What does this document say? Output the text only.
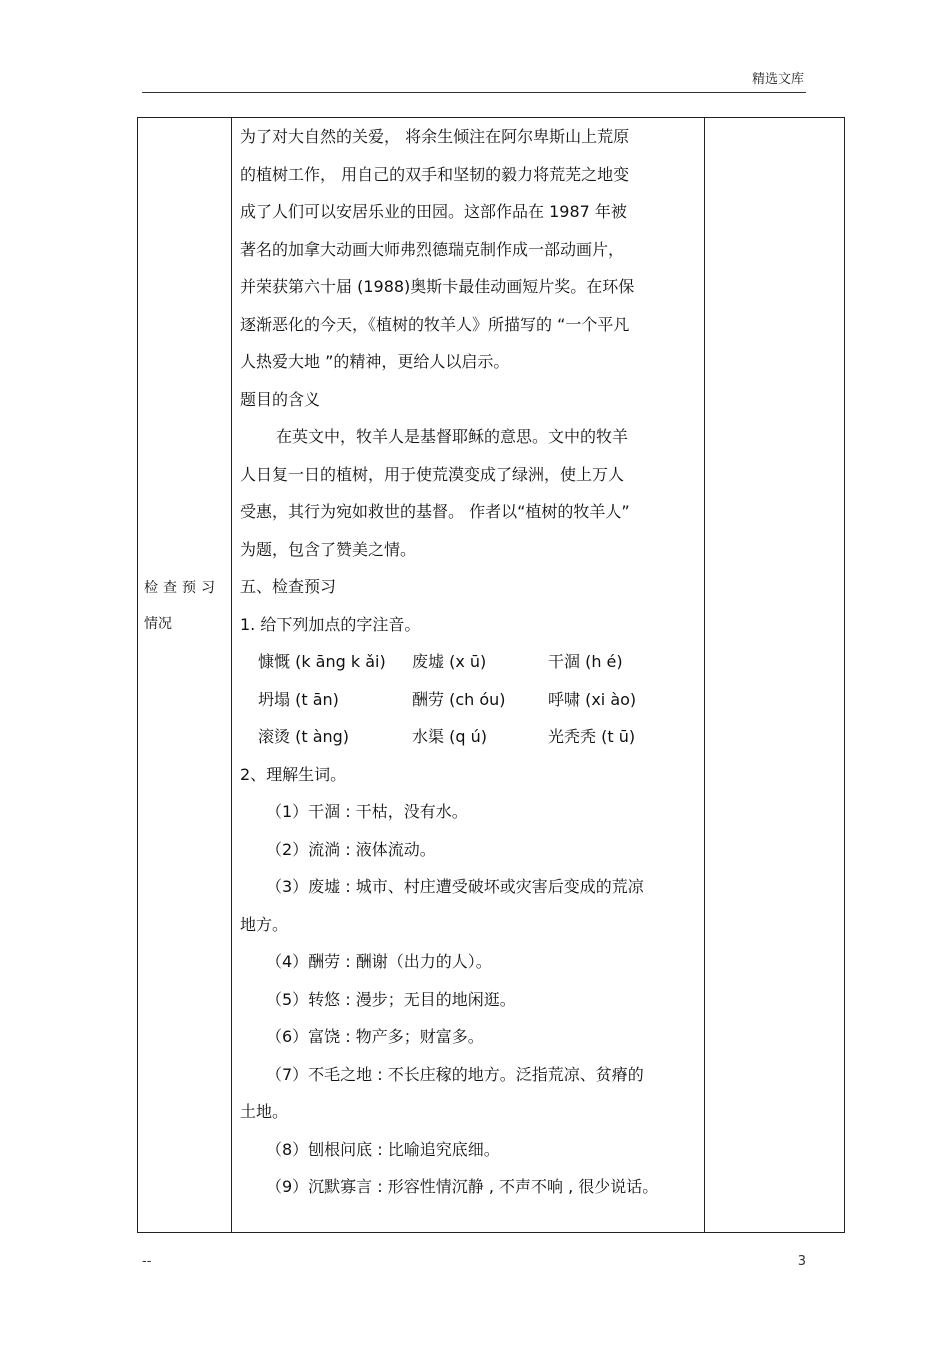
精选文库
检查预习
情况
为了对大自然的关爱， 将余生倾注在阿尔卑斯山上荒原
的植树工作， 用自己的双手和坚韧的毅力将荒芜之地变
成了人们可以安居乐业的田园。这部作品在 1987 年被
著名的加拿大动画大师弗烈德瑞克制作成一部动画片，
并荣获第六十届 (1988)奥斯卡最佳动画短片奖。在环保
逐渐恶化的今天，《植树的牧羊人》所描写的 “一个平凡
人热爱大地 ”的精神，更给人以启示。
题目的含义
在英文中，牧羊人是基督耶稣的意思。文中的牧羊
人日复一日的植树，用于使荒漠变成了绿洲，使上万人
受惠，其行为宛如救世的基督。 作者以“植树的牧羊人”
为题，包含了赞美之情。
五、检查预习
1. 给下列加点的字注音。
慷慨 (k āng k ǎi) 废墟 (x ū)	干涸 (h é)
坍塌 (t ān)	酬劳 (ch óu)	呼啸 (xi ào)
滚烫 (t àng)	水渠 (q ú)	光秃秃 (t ū)
2、理解生词。
（1）干涸 : 干枯，没有水。
（2）流淌 : 液体流动。
（3）废墟 : 城市、村庄遭受破坏或灾害后变成的荒凉
地方。
（4）酬劳 : 酬谢（出力的人）。
（5）转悠 : 漫步；无目的地闲逛。
（6）富饶 : 物产多；财富多。
（7）不毛之地 : 不长庄稼的地方。泛指荒凉、贫瘠的
土地。
（8）刨根问底 : 比喻追究底细。
（9）沉默寡言 : 形容性情沉静 , 不声不响 , 很少说话。
--	3
